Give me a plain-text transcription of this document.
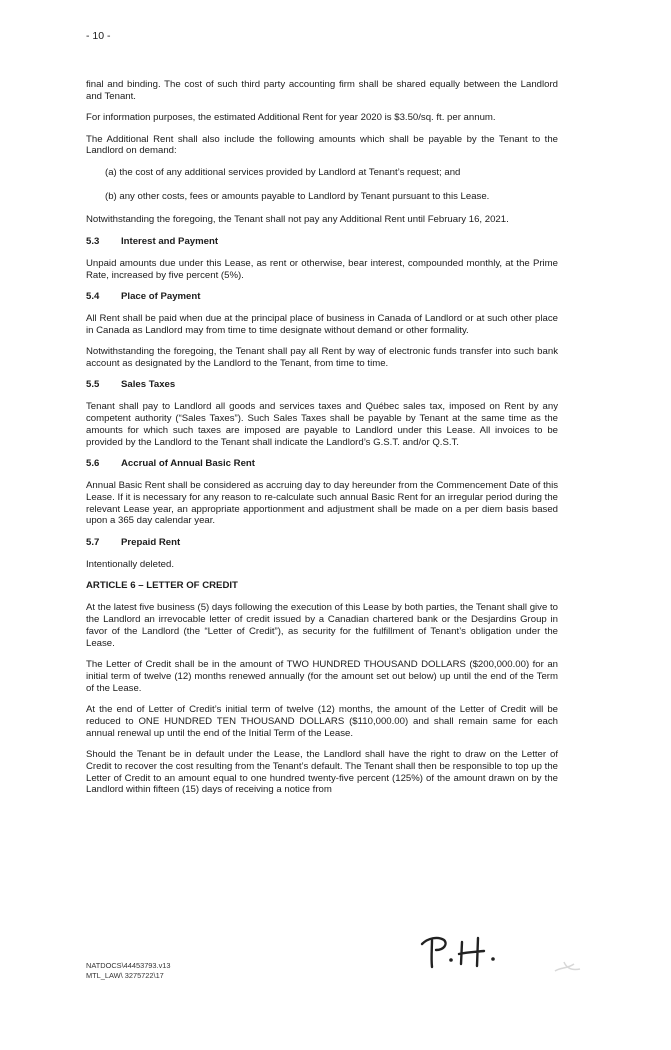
- 10 -

final and binding. The cost of such third party accounting firm shall be shared equally between the Landlord and Tenant.

For information purposes, the estimated Additional Rent for year 2020 is $3.50/sq. ft. per annum.

The Additional Rent shall also include the following amounts which shall be payable by the Tenant to the Landlord on demand:

(a) the cost of any additional services provided by Landlord at Tenant’s request; and

(b) any other costs, fees or amounts payable to Landlord by Tenant pursuant to this Lease.

Notwithstanding the foregoing, the Tenant shall not pay any Additional Rent until February 16, 2021.

5.3 Interest and Payment

Unpaid amounts due under this Lease, as rent or otherwise, bear interest, compounded monthly, at the Prime Rate, increased by five percent (5%).

5.4 Place of Payment

All Rent shall be paid when due at the principal place of business in Canada of Landlord or at such other place in Canada as Landlord may from time to time designate without demand or other formality.

Notwithstanding the foregoing, the Tenant shall pay all Rent by way of electronic funds transfer into such bank account as designated by the Landlord to the Tenant, from time to time.

5.5 Sales Taxes

Tenant shall pay to Landlord all goods and services taxes and Québec sales tax, imposed on Rent by any competent authority (“Sales Taxes”). Such Sales Taxes shall be payable by Tenant at the same time as the amounts for which such taxes are imposed are payable to Landlord under this Lease. All invoices to be provided by the Landlord to the Tenant shall indicate the Landlord’s G.S.T. and/or Q.S.T.

5.6 Accrual of Annual Basic Rent

Annual Basic Rent shall be considered as accruing day to day hereunder from the Commencement Date of this Lease. If it is necessary for any reason to re-calculate such annual Basic Rent for an irregular period during the relevant Lease year, an appropriate apportionment and adjustment shall be made on a per diem basis based upon a 365 day calendar year.

5.7 Prepaid Rent

Intentionally deleted.

ARTICLE 6 – LETTER OF CREDIT

At the latest five business (5) days following the execution of this Lease by both parties, the Tenant shall give to the Landlord an irrevocable letter of credit issued by a Canadian chartered bank or the Desjardins Group in favor of the Landlord (the “Letter of Credit”), as security for the fulfillment of Tenant’s obligation under the Lease.

The Letter of Credit shall be in the amount of TWO HUNDRED THOUSAND DOLLARS ($200,000.00) for an initial term of twelve (12) months renewed annually (for the amount set out below) up until the end of the Term of the Lease.

At the end of Letter of Credit’s initial term of twelve (12) months, the amount of the Letter of Credit will be reduced to ONE HUNDRED TEN THOUSAND DOLLARS ($110,000.00) and shall remain same for each annual renewal up until the end of the Initial Term of the Lease.

Should the Tenant be in default under the Lease, the Landlord shall have the right to draw on the Letter of Credit to recover the cost resulting from the Tenant’s default. The Tenant shall then be responsible to top up the Letter of Credit to an amount equal to one hundred twenty-five percent (125%) of the amount drawn on by the Landlord within fifteen (15) days of receiving a notice from

NATDOCS\44453793.v13
MTL_LAW\ 3275722\17
